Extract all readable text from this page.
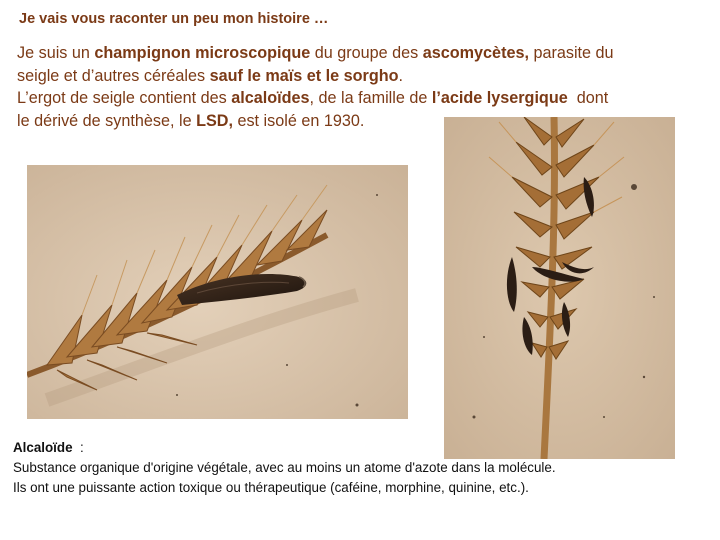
Je vais vous raconter un peu mon histoire …
Je suis un champignon microscopique du groupe des ascomycètes, parasite du
seigle et d’autres céréales sauf le maïs et le sorgho.
L’ergot de seigle contient des alcaloïdes, de la famille de l’acide lysergique  dont
le dérivé de synthèse, le LSD, est isolé en 1930.
Alcaloïde  :
Substance organique d'origine végétale, avec au moins un atome d'azote dans la molécule.
Ils ont une puissante action toxique ou thérapeutique (caféine, morphine, quinine, etc.).
